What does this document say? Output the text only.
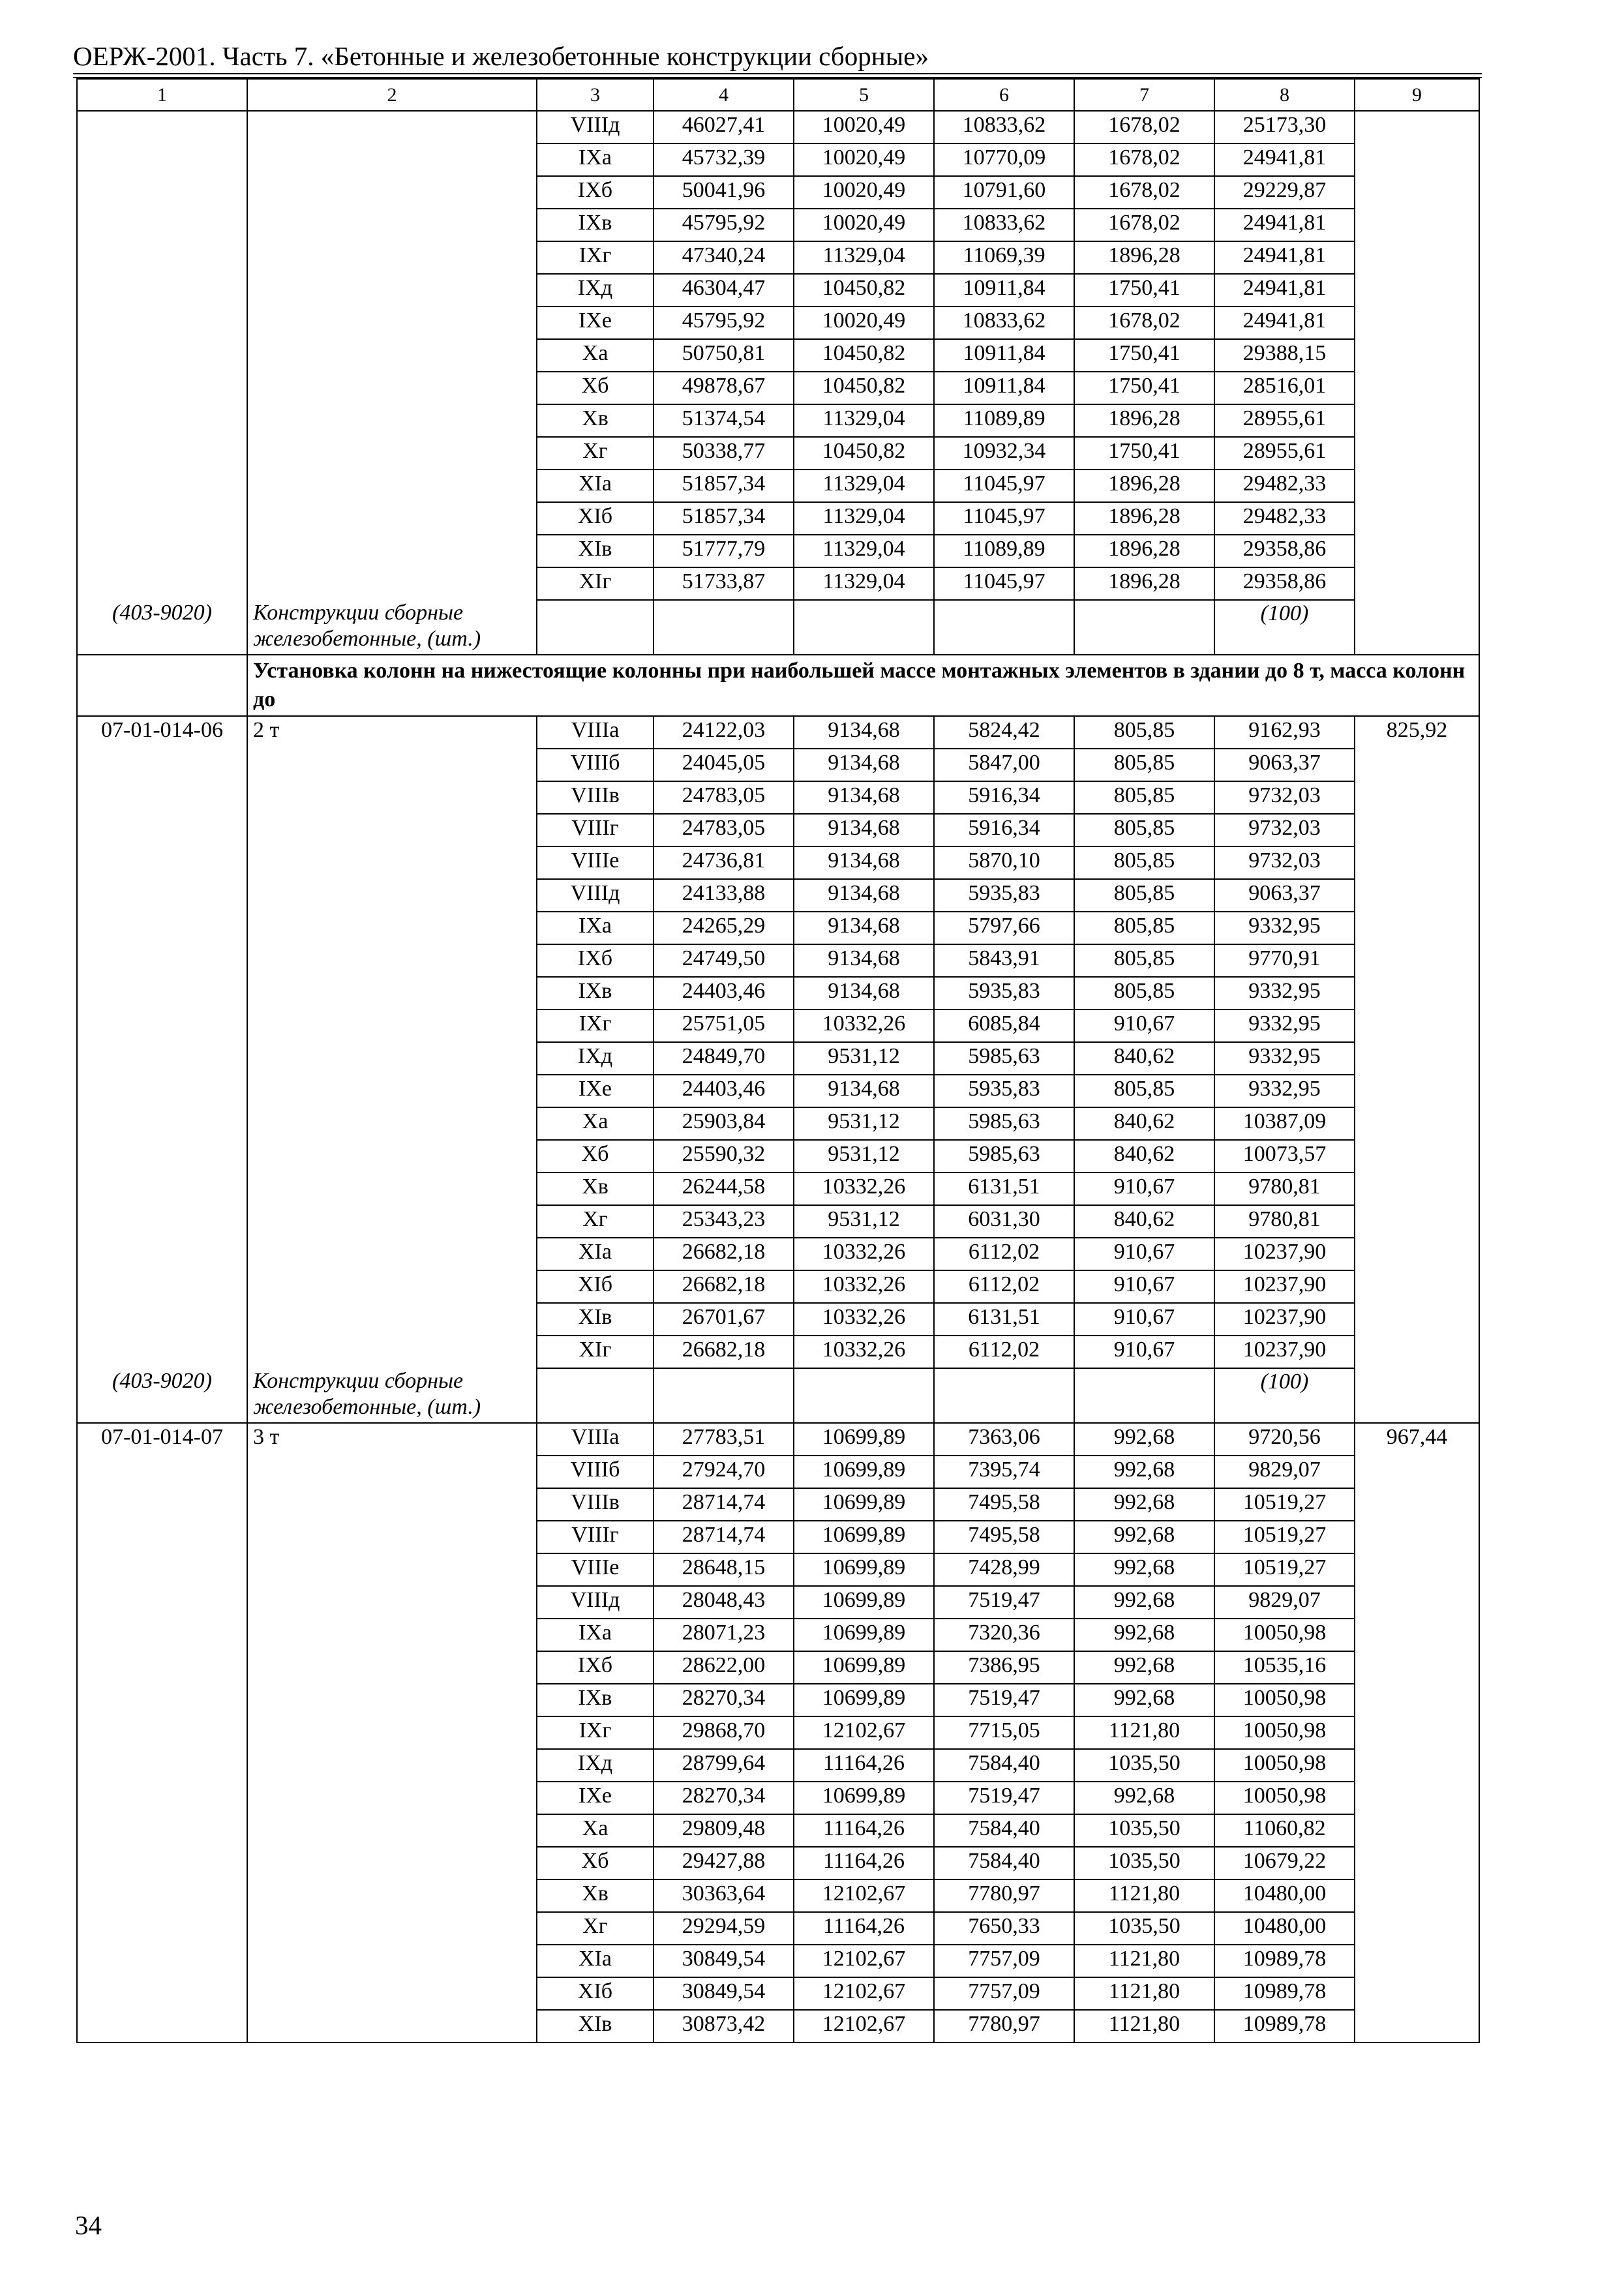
ОЕРЖ-2001. Часть 7. «Бетонные и железобетонные конструкции сборные»
1	2	3	4	5	6	7	8	9
		VIIIд	46027,41	10020,49	10833,62	1678,02	25173,30	
		IXа	45732,39	10020,49	10770,09	1678,02	24941,81	
		IXб	50041,96	10020,49	10791,60	1678,02	29229,87	
		IXв	45795,92	10020,49	10833,62	1678,02	24941,81	
		IXг	47340,24	11329,04	11069,39	1896,28	24941,81	
		IXд	46304,47	10450,82	10911,84	1750,41	24941,81	
		IXе	45795,92	10020,49	10833,62	1678,02	24941,81	
		Xа	50750,81	10450,82	10911,84	1750,41	29388,15	
		Xб	49878,67	10450,82	10911,84	1750,41	28516,01	
		Xв	51374,54	11329,04	11089,89	1896,28	28955,61	
		Xг	50338,77	10450,82	10932,34	1750,41	28955,61	
		XIа	51857,34	11329,04	11045,97	1896,28	29482,33	
		XIб	51857,34	11329,04	11045,97	1896,28	29482,33	
		XIв	51777,79	11329,04	11089,89	1896,28	29358,86	
		XIг	51733,87	11329,04	11045,97	1896,28	29358,86	
(403-9020)	Конструкции сборные железобетонные, (шт.)						(100)	
	Установка колонн на нижестоящие колонны при наибольшей массе монтажных элементов в здании до 8 т, масса колонн до							
07-01-014-06	2 т	VIIIа	24122,03	9134,68	5824,42	805,85	9162,93	825,92
		VIIIб	24045,05	9134,68	5847,00	805,85	9063,37	
		VIIIв	24783,05	9134,68	5916,34	805,85	9732,03	
		VIIIг	24783,05	9134,68	5916,34	805,85	9732,03	
		VIIIе	24736,81	9134,68	5870,10	805,85	9732,03	
		VIIIд	24133,88	9134,68	5935,83	805,85	9063,37	
		IXа	24265,29	9134,68	5797,66	805,85	9332,95	
		IXб	24749,50	9134,68	5843,91	805,85	9770,91	
		IXв	24403,46	9134,68	5935,83	805,85	9332,95	
		IXг	25751,05	10332,26	6085,84	910,67	9332,95	
		IXд	24849,70	9531,12	5985,63	840,62	9332,95	
		IXе	24403,46	9134,68	5935,83	805,85	9332,95	
		Xа	25903,84	9531,12	5985,63	840,62	10387,09	
		Xб	25590,32	9531,12	5985,63	840,62	10073,57	
		Xв	26244,58	10332,26	6131,51	910,67	9780,81	
		Xг	25343,23	9531,12	6031,30	840,62	9780,81	
		XIа	26682,18	10332,26	6112,02	910,67	10237,90	
		XIб	26682,18	10332,26	6112,02	910,67	10237,90	
		XIв	26701,67	10332,26	6131,51	910,67	10237,90	
		XIг	26682,18	10332,26	6112,02	910,67	10237,90	
(403-9020)	Конструкции сборные железобетонные, (шт.)						(100)	
07-01-014-07	3 т	VIIIа	27783,51	10699,89	7363,06	992,68	9720,56	967,44
		VIIIб	27924,70	10699,89	7395,74	992,68	9829,07	
		VIIIв	28714,74	10699,89	7495,58	992,68	10519,27	
		VIIIг	28714,74	10699,89	7495,58	992,68	10519,27	
		VIIIе	28648,15	10699,89	7428,99	992,68	10519,27	
		VIIIд	28048,43	10699,89	7519,47	992,68	9829,07	
		IXа	28071,23	10699,89	7320,36	992,68	10050,98	
		IXб	28622,00	10699,89	7386,95	992,68	10535,16	
		IXв	28270,34	10699,89	7519,47	992,68	10050,98	
		IXг	29868,70	12102,67	7715,05	1121,80	10050,98	
		IXд	28799,64	11164,26	7584,40	1035,50	10050,98	
		IXе	28270,34	10699,89	7519,47	992,68	10050,98	
		Xа	29809,48	11164,26	7584,40	1035,50	11060,82	
		Xб	29427,88	11164,26	7584,40	1035,50	10679,22	
		Xв	30363,64	12102,67	7780,97	1121,80	10480,00	
		Xг	29294,59	11164,26	7650,33	1035,50	10480,00	
		XIа	30849,54	12102,67	7757,09	1121,80	10989,78	
		XIб	30849,54	12102,67	7757,09	1121,80	10989,78	
		XIв	30873,42	12102,67	7780,97	1121,80	10989,78	
34
